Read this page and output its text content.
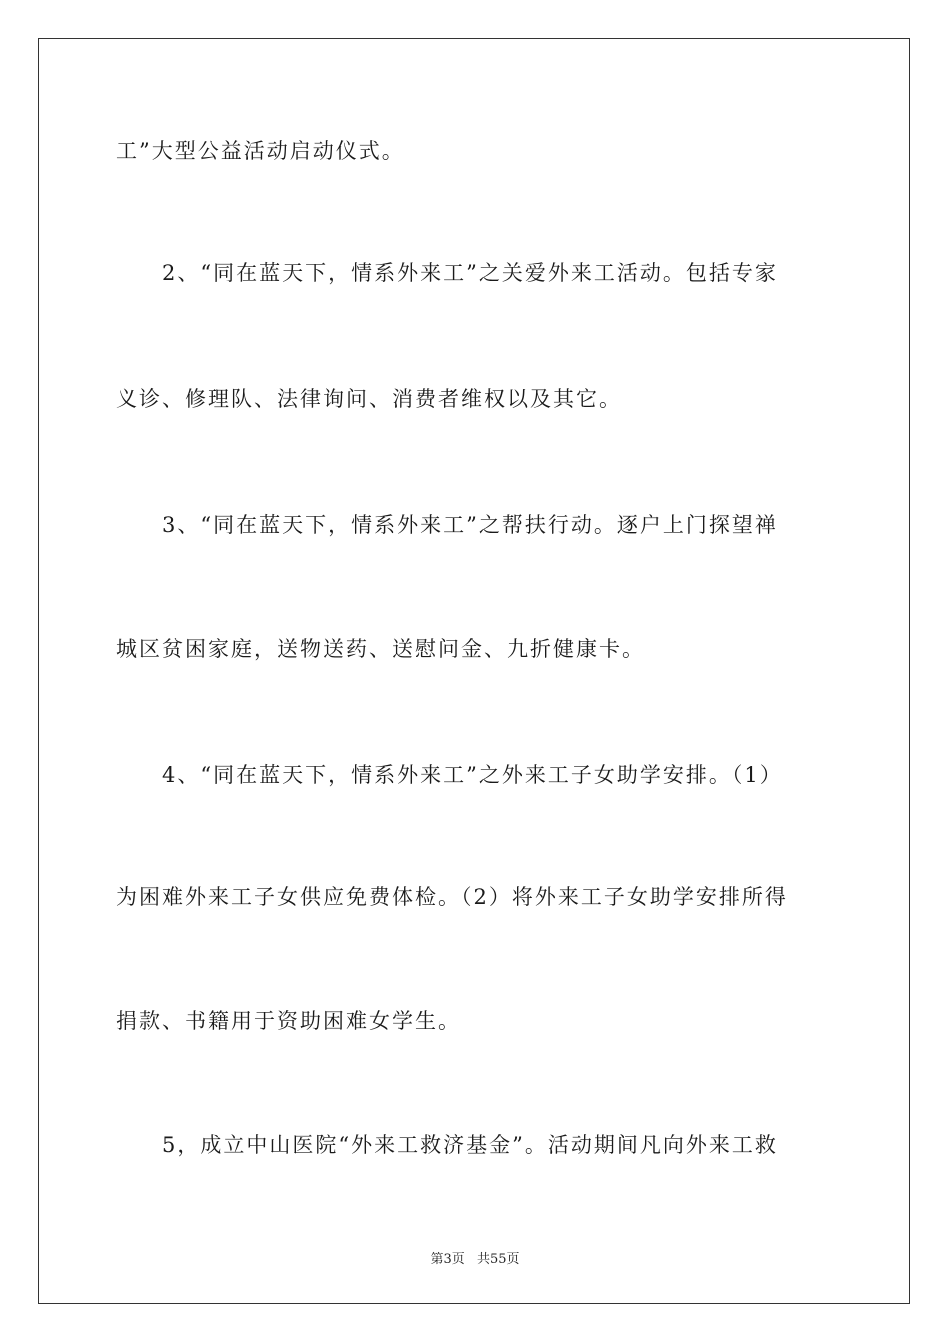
工”大型公益活动启动仪式。
2、“同在蓝天下，情系外来工”之关爱外来工活动。包括专家
义诊、修理队、法律询问、消费者维权以及其它。
3、“同在蓝天下，情系外来工”之帮扶行动。逐户上门探望禅
城区贫困家庭，送物送药、送慰问金、九折健康卡。
4、“同在蓝天下，情系外来工”之外来工子女助学安排。（1）
为困难外来工子女供应免费体检。（2）将外来工子女助学安排所得
捐款、书籍用于资助困难女学生。
5，成立中山医院“外来工救济基金”。活动期间凡向外来工救
第3页 共55页
